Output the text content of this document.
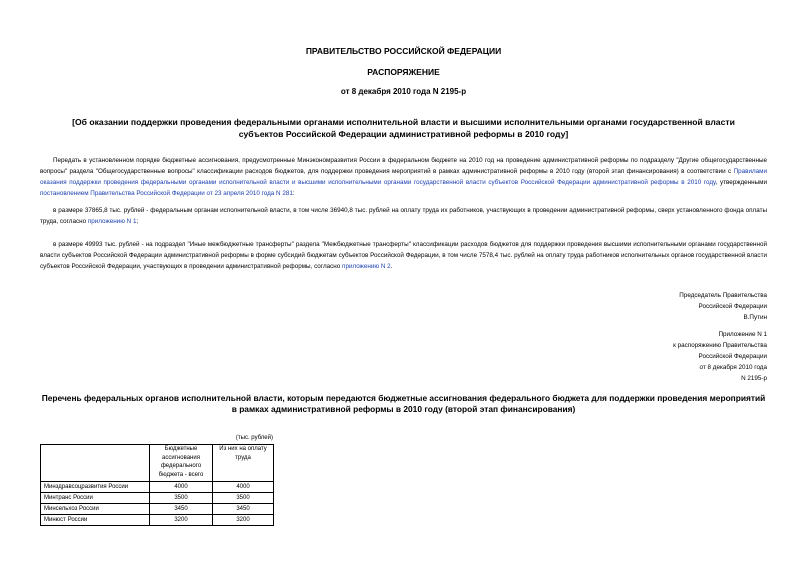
ПРАВИТЕЛЬСТВО РОССИЙСКОЙ ФЕДЕРАЦИИ
РАСПОРЯЖЕНИЕ
от 8 декабря 2010 года N 2195-р
[Об оказании поддержки проведения федеральными органами исполнительной власти и высшими исполнительными органами государственной власти субъектов Российской Федерации административной реформы в 2010 году]

Передать в установленном порядке бюджетные ассигнования, предусмотренные Минэкономразвития России в федеральном бюджете на 2010 год на проведение административной реформы по подразделу "Другие общегосударственные вопросы" раздела "Общегосударственные вопросы" классификации расходов бюджетов, для поддержки проведения мероприятий в рамках административной реформы в 2010 году (второй этап финансирования) в соответствии с Правилами оказания поддержки проведения федеральными органами исполнительной власти и высшими исполнительными органами государственной власти субъектов Российской Федерации административной реформы в 2010 году, утвержденными постановлением Правительства Российской Федерации от 23 апреля 2010 года N 281:

в размере 37865,8 тыс. рублей - федеральным органам исполнительной власти, в том числе 36940,8 тыс. рублей на оплату труда их работников, участвующих в проведении административной реформы, сверх установленного фонда оплаты труда, согласно приложению N 1;

в размере 49993 тыс. рублей - на подраздел "Иные межбюджетные трансферты" раздела "Межбюджетные трансферты" классификации расходов бюджетов для поддержки проведения высшими исполнительными органами государственной власти субъектов Российской Федерации административной реформы в форме субсидий бюджетам субъектов Российской Федерации, в том числе 7578,4 тыс. рублей на оплату труда работников исполнительных органов государственной власти субъектов Российской Федерации, участвующих в проведении административной реформы, согласно приложению N 2.

Председатель Правительства
Российской Федерации
В.Путин
Приложение N 1
к распоряжению Правительства
Российской Федерации
от 8 декабря 2010 года
N 2195-р
Перечень федеральных органов исполнительной власти, которым передаются бюджетные ассигнования федерального бюджета для поддержки проведения мероприятий в рамках административной реформы в 2010 году (второй этап финансирования)
(тыс. рублей)
	Бюджетные ассигнования федерального бюджета - всего	Из них на оплату труда
Минздравсоцразвития России	4000	4000
Минтранс России	3500	3500
Минсельхоз России	3450	3450
Минюст России	3200	3200
